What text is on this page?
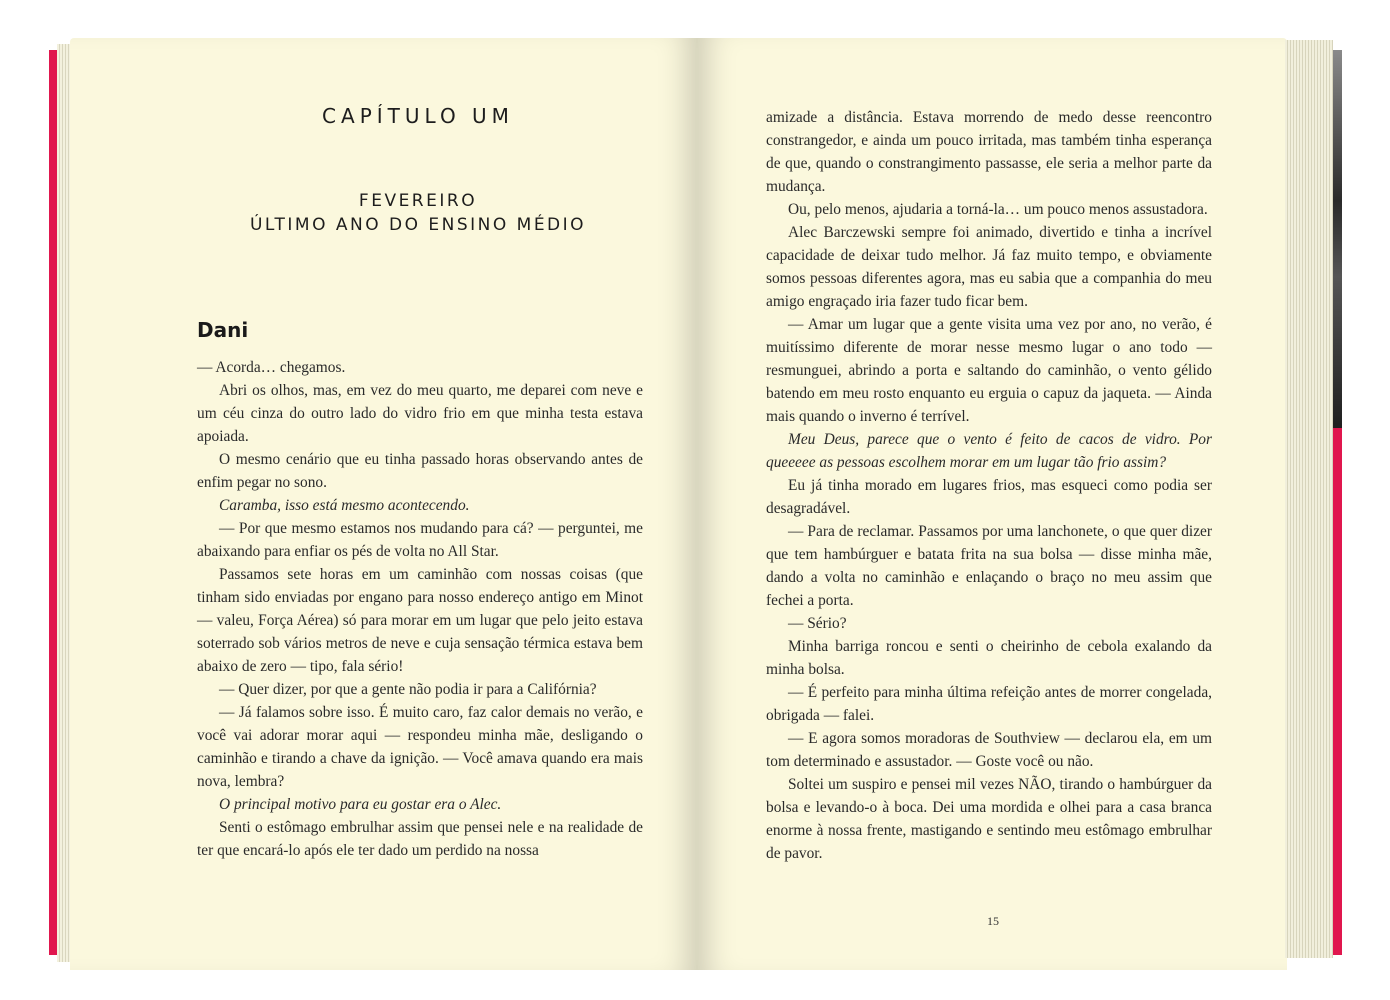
CAPÍTULO UM
FEVEREIRO
ÚLTIMO ANO DO ENSINO MÉDIO
Dani

— Acorda… chegamos.

Abri os olhos, mas, em vez do meu quarto, me deparei com neve e um céu cinza do outro lado do vidro frio em que minha testa estava apoiada.

O mesmo cenário que eu tinha passado horas observando antes de enfim pegar no sono.

Caramba, isso está mesmo acontecendo.

— Por que mesmo estamos nos mudando para cá? — perguntei, me abaixando para enfiar os pés de volta no All Star.

Passamos sete horas em um caminhão com nossas coisas (que tinham sido enviadas por engano para nosso endereço antigo em Minot — valeu, Força Aérea) só para morar em um lugar que pelo jeito estava soterrado sob vários metros de neve e cuja sensação térmica estava bem abaixo de zero — tipo, fala sério!

— Quer dizer, por que a gente não podia ir para a Califórnia?

— Já falamos sobre isso. É muito caro, faz calor demais no verão, e você vai adorar morar aqui — respondeu minha mãe, desligando o caminhão e tirando a chave da ignição. — Você amava quando era mais nova, lembra?

O principal motivo para eu gostar era o Alec.

Senti o estômago embrulhar assim que pensei nele e na realidade de ter que encará-lo após ele ter dado um perdido na nossa

amizade a distância. Estava morrendo de medo desse reencontro constrangedor, e ainda um pouco irritada, mas também tinha esperança de que, quando o constrangimento passasse, ele seria a melhor parte da mudança.

Ou, pelo menos, ajudaria a torná-la… um pouco menos assustadora.

Alec Barczewski sempre foi animado, divertido e tinha a incrível capacidade de deixar tudo melhor. Já faz muito tempo, e obviamente somos pessoas diferentes agora, mas eu sabia que a companhia do meu amigo engraçado iria fazer tudo ficar bem.

— Amar um lugar que a gente visita uma vez por ano, no verão, é muitíssimo diferente de morar nesse mesmo lugar o ano todo — resmunguei, abrindo a porta e saltando do caminhão, o vento gélido batendo em meu rosto enquanto eu erguia o capuz da jaqueta. — Ainda mais quando o inverno é terrível.

Meu Deus, parece que o vento é feito de cacos de vidro. Por queeeee as pessoas escolhem morar em um lugar tão frio assim?

Eu já tinha morado em lugares frios, mas esqueci como podia ser desagradável.

— Para de reclamar. Passamos por uma lanchonete, o que quer dizer que tem hambúrguer e batata frita na sua bolsa — disse minha mãe, dando a volta no caminhão e enlaçando o braço no meu assim que fechei a porta.

— Sério?

Minha barriga roncou e senti o cheirinho de cebola exalando da minha bolsa.

— É perfeito para minha última refeição antes de morrer congelada, obrigada — falei.

— E agora somos moradoras de Southview — declarou ela, em um tom determinado e assustador. — Goste você ou não.

Soltei um suspiro e pensei mil vezes NÃO, tirando o hambúrguer da bolsa e levando-o à boca. Dei uma mordida e olhei para a casa branca enorme à nossa frente, mastigando e sentindo meu estômago embrulhar de pavor.

15
